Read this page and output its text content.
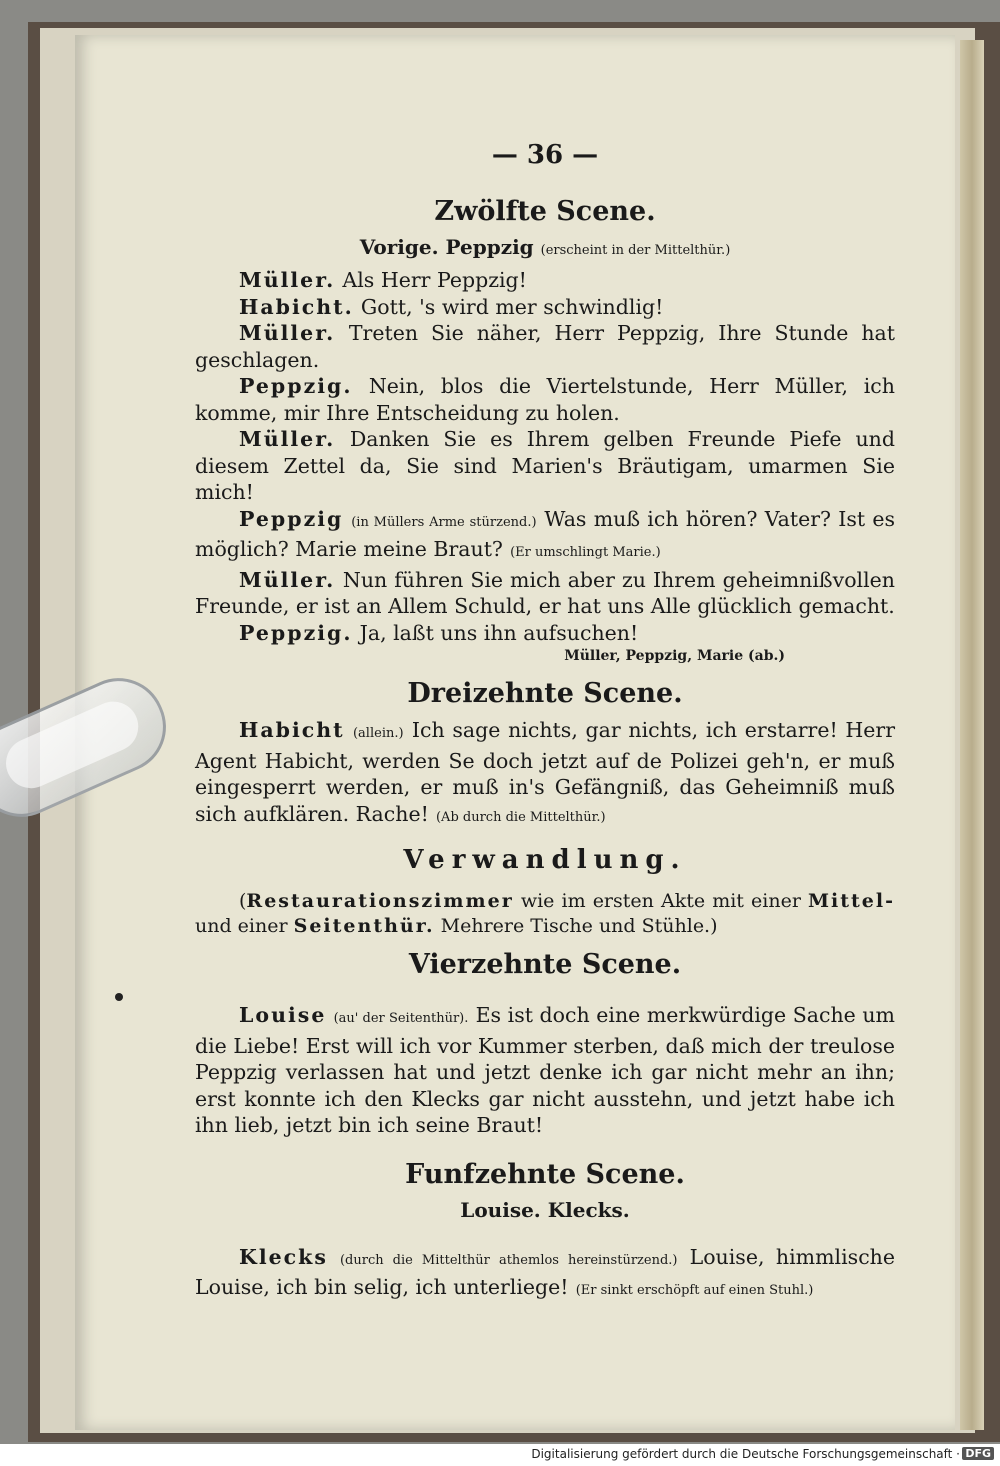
— 36 —
Zwölfte Scene.
Vorige. Peppzig (erscheint in der Mittelthür.)

Müller. Als Herr Peppzig!

Habicht. Gott, 's wird mer schwindlig!

Müller. Treten Sie näher, Herr Peppzig, Ihre Stunde hat geschlagen.

Peppzig. Nein, blos die Viertelstunde, Herr Müller, ich komme, mir Ihre Entscheidung zu holen.

Müller. Danken Sie es Ihrem gelben Freunde Piefe und diesem Zettel da, Sie sind Marien's Bräutigam, umarmen Sie mich!

Peppzig (in Müllers Arme stürzend.) Was muß ich hören? Vater? Ist es möglich? Marie meine Braut? (Er umschlingt Marie.)

Müller. Nun führen Sie mich aber zu Ihrem geheimnißvollen Freunde, er ist an Allem Schuld, er hat uns Alle glücklich gemacht.

Peppzig. Ja, laßt uns ihn aufsuchen!

Müller, Peppzig, Marie (ab.)
Dreizehnte Scene.

Habicht (allein.) Ich sage nichts, gar nichts, ich erstarre! Herr Agent Habicht, werden Se doch jetzt auf de Polizei geh'n, er muß eingesperrt werden, er muß in's Gefängniß, das Geheimniß muß sich aufklären. Rache! (Ab durch die Mittelthür.)

Verwandlung.

(Restaurationszimmer wie im ersten Akte mit einer Mittel- und einer Seitenthür. Mehrere Tische und Stühle.)

Vierzehnte Scene.

Louise (au' der Seitenthür). Es ist doch eine merkwürdige Sache um die Liebe! Erst will ich vor Kummer sterben, daß mich der treulose Peppzig verlassen hat und jetzt denke ich gar nicht mehr an ihn; erst konnte ich den Klecks gar nicht ausstehn, und jetzt habe ich ihn lieb, jetzt bin ich seine Braut!

Funfzehnte Scene.
Louise. Klecks.

Klecks (durch die Mittelthür athemlos hereinstürzend.) Louise, himmlische Louise, ich bin selig, ich unterliege! (Er sinkt erschöpft auf einen Stuhl.)

Digitalisierung gefördert durch die Deutsche Forschungsgemeinschaft · DFG
